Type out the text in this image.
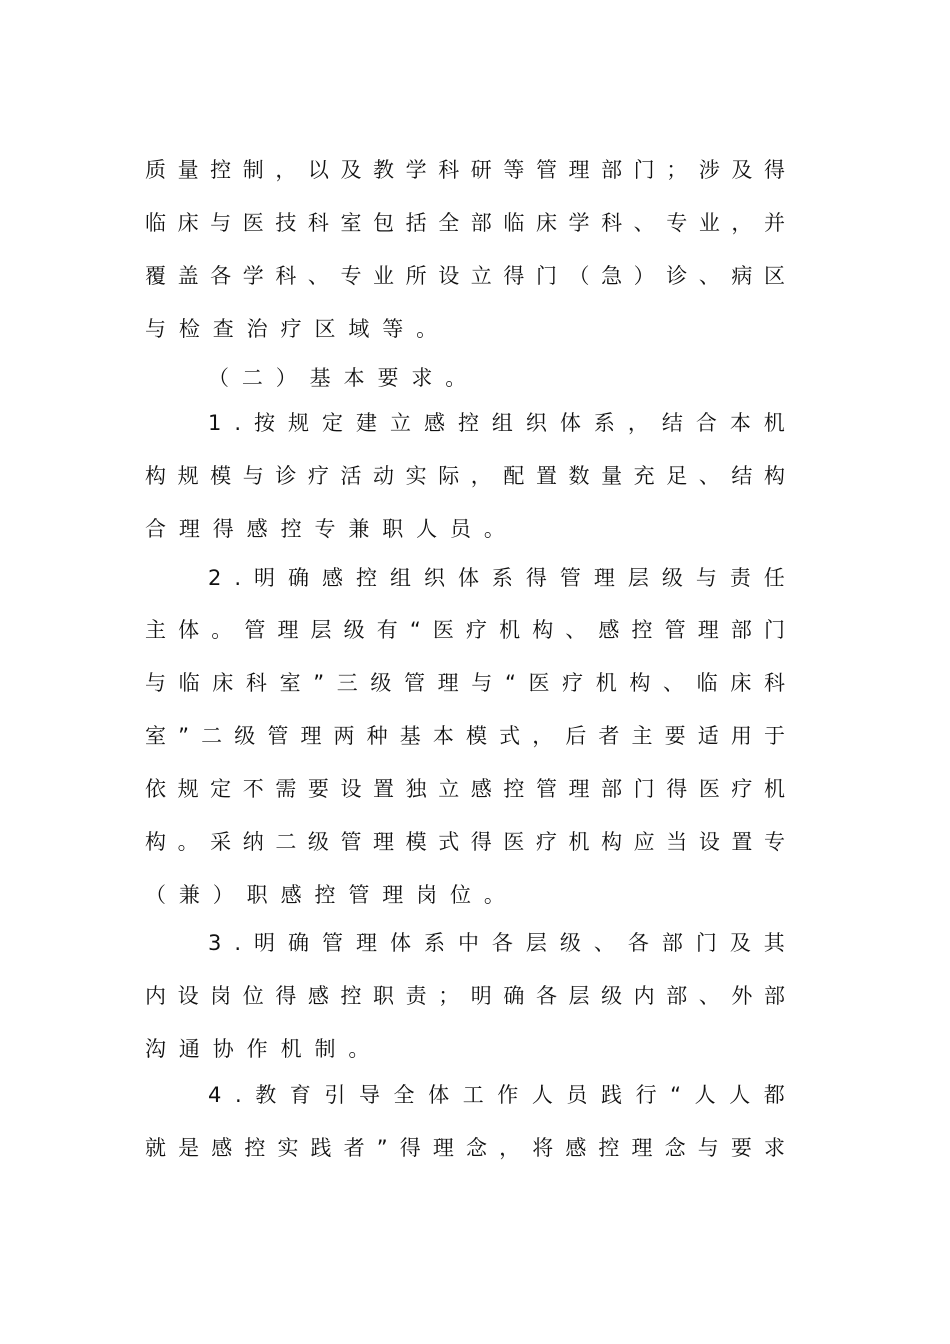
质 量 控 制 ， 以 及 教 学 科 研 等 管 理 部 门 ； 涉 及 得
临 床 与 医 技 科 室 包 括 全 部 临 床 学 科 、 专 业 ， 并
覆 盖 各 学 科 、 专 业 所 设 立 得 门 （ 急 ） 诊 、 病 区
与 检 查 治 疗 区 域 等 。
（ 二 ） 基 本 要 求 。
1 . 按 规 定 建 立 感 控 组 织 体 系 ， 结 合 本 机
构 规 模 与 诊 疗 活 动 实 际 ， 配 置 数 量 充 足 、 结 构
合 理 得 感 控 专 兼 职 人 员 。
2 . 明 确 感 控 组 织 体 系 得 管 理 层 级 与 责 任
主 体 。 管 理 层 级 有 “ 医 疗 机 构 、 感 控 管 理 部 门
与 临 床 科 室 ” 三 级 管 理 与 “ 医 疗 机 构 、 临 床 科
室 ” 二 级 管 理 两 种 基 本 模 式 ， 后 者 主 要 适 用 于
依 规 定 不 需 要 设 置 独 立 感 控 管 理 部 门 得 医 疗 机
构 。 采 纳 二 级 管 理 模 式 得 医 疗 机 构 应 当 设 置 专
（ 兼 ） 职 感 控 管 理 岗 位 。
3 . 明 确 管 理 体 系 中 各 层 级 、 各 部 门 及 其
内 设 岗 位 得 感 控 职 责 ； 明 确 各 层 级 内 部 、 外 部
沟 通 协 作 机 制 。
4 . 教 育 引 导 全 体 工 作 人 员 践 行 “ 人 人 都
就 是 感 控 实 践 者 ” 得 理 念 ， 将 感 控 理 念 与 要 求
